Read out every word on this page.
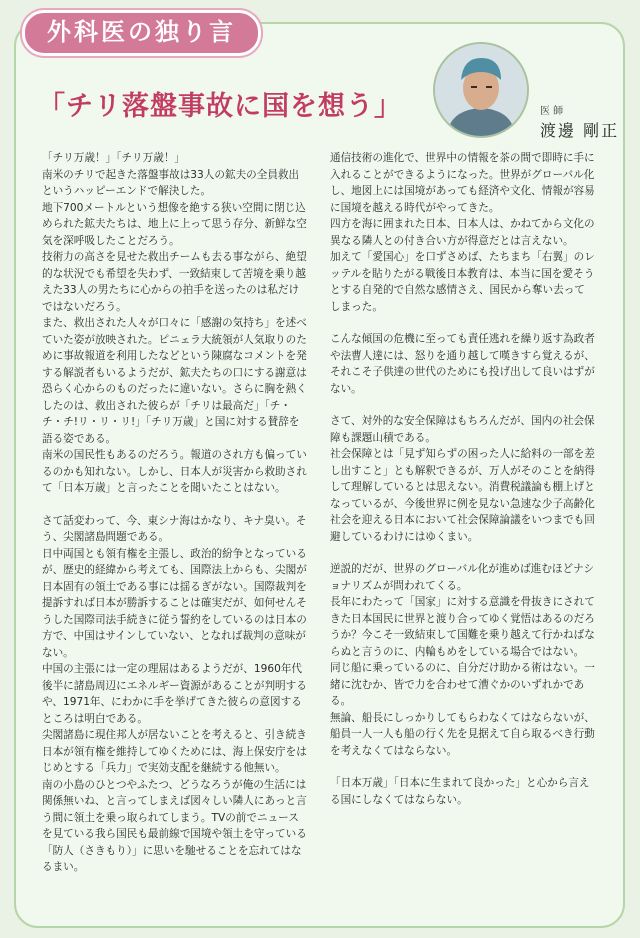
外科医の独り言
「チリ落盤事故に国を想う」	医 師
渡邊 剛正

「チリ万歳！」「チリ万歳！」

南米のチリで起きた落盤事故は33人の鉱夫の全員救出というハッピーエンドで解決した。

地下700メートルという想像を絶する狭い空間に閉じ込められた鉱夫たちは、地上に上って思う存分、新鮮な空気を深呼吸したことだろう。

技術力の高さを見せた救出チームも去る事ながら、絶望的な状況でも希望を失わず、一致結束して苦境を乗り越えた33人の男たちに心からの拍手を送ったのは私だけではないだろう。

また、救出された人々が口々に「感謝の気持ち」を述べていた姿が放映された。ピニェラ大統領が人気取りのために事故報道を利用したなどという陳腐なコメントを発する解説者もいるようだが、鉱夫たちの口にする謝意は恐らく心からのものだったに違いない。さらに胸を熱くしたのは、救出された彼らが「チリは最高だ」「チ・チ・チ!リ・リ・リ!」「チリ万歳」と国に対する賛辞を語る姿である。

南米の国民性もあるのだろう。報道のされ方も偏っているのかも知れない。しかし、日本人が災害から救助されて「日本万歳」と言ったことを聞いたことはない。

さて話変わって、今、東シナ海はかなり、キナ臭い。そう、尖閣諸島問題である。

日中両国とも領有権を主張し、政治的紛争となっているが、歴史的経緯から考えても、国際法上からも、尖閣が日本固有の領土である事には揺るぎがない。国際裁判を提訴すれば日本が勝訴することは確実だが、如何せんそうした国際司法手続きに従う誓約をしているのは日本の方で、中国はサインしていない、となれば裁判の意味がない。

中国の主張には一定の理屈はあるようだが、1960年代後半に諸島周辺にエネルギー資源があることが判明するや、1971年、にわかに手を挙げてきた彼らの意図するところは明白である。

尖閣諸島に現住邦人が居ないことを考えると、引き続き日本が領有権を維持してゆくためには、海上保安庁をはじめとする「兵力」で実効支配を継続する他無い。

南の小島のひとつやふたつ、どうなろうが俺の生活には関係無いね、と言ってしまえば図々しい隣人にあっと言う間に領土を乗っ取られてしまう。TVの前でニュースを見ている我ら国民も最前線で国境や領土を守っている「防人（さきもり）」に思いを馳せることを忘れてはなるまい。

通信技術の進化で、世界中の情報を茶の間で即時に手に入れることができるようになった。世界がグローバル化し、地図上には国境があっても経済や文化、情報が容易に国境を越える時代がやってきた。

四方を海に囲まれた日本、日本人は、かねてから文化の異なる隣人との付き合い方が得意だとは言えない。

加えて「愛国心」を口ずさめば、たちまち「右翼」のレッテルを貼りたがる戦後日本教育は、本当に国を愛そうとする自発的で自然な感情さえ、国民から奪い去ってしまった。

こんな傾国の危機に至っても責任逃れを繰り返す為政者や法曹人達には、怒りを通り越して嘆きすら覚えるが、それこそ子供達の世代のためにも投げ出して良いはずがない。

さて、対外的な安全保障はもちろんだが、国内の社会保障も課題山積である。

社会保障とは「見ず知らずの困った人に給料の一部を差し出すこと」とも解釈できるが、万人がそのことを納得して理解しているとは思えない。消費税議論も棚上げとなっているが、今後世界に例を見ない急速な少子高齢化社会を迎える日本において社会保障論議をいつまでも回避しているわけにはゆくまい。

逆説的だが、世界のグローバル化が進めば進むほどナショナリズムが問われてくる。

長年にわたって「国家」に対する意識を骨抜きにされてきた日本国民に世界と渡り合ってゆく覚悟はあるのだろうか？今こそ一致結束して国難を乗り越えて行かねばならぬと言うのに、内輪もめをしている場合ではない。

同じ船に乗っているのに、自分だけ助かる術はない。一緒に沈むか、皆で力を合わせて漕ぐかのいずれかである。

無論、船長にしっかりしてもらわなくてはならないが、船員一人一人も船の行く先を見据えて自ら取るべき行動を考えなくてはならない。

「日本万歳」「日本に生まれて良かった」と心から言える国にしなくてはならない。
